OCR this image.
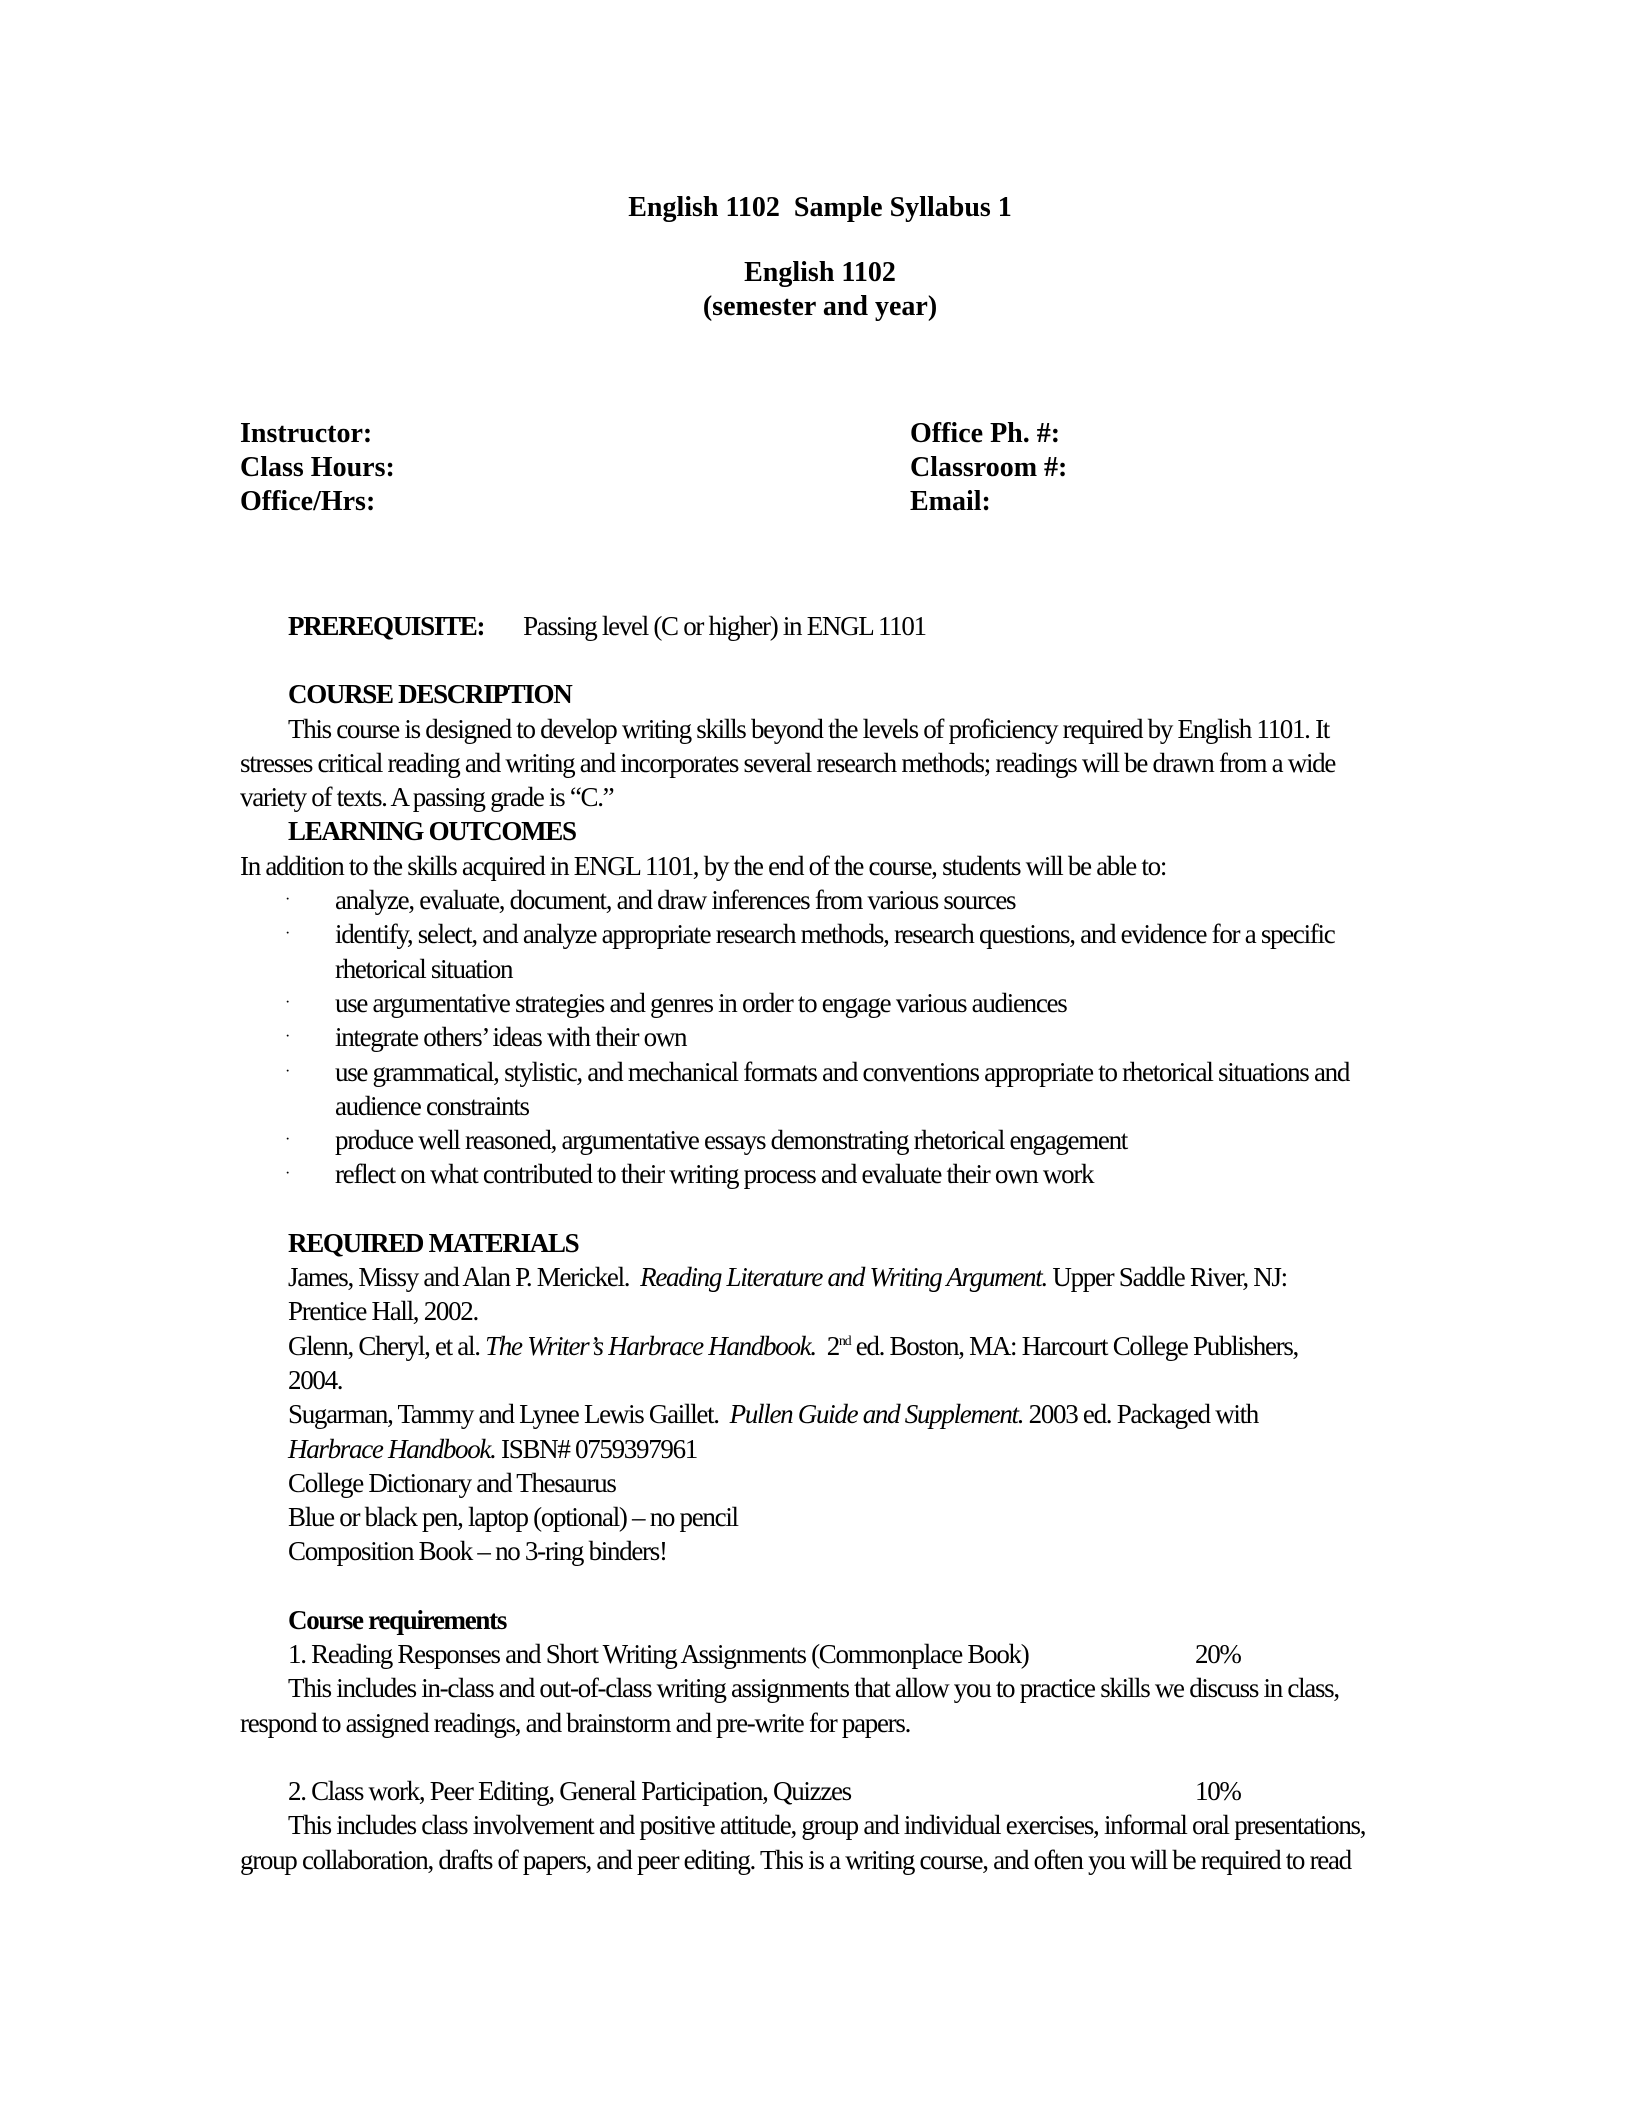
English 1102  Sample Syllabus 1
English 1102
(semester and year)
Instructor:
Class Hours:
Office/Hrs:
Office Ph. #:
Classroom #:
Email:
PREREQUISITE: Passing level (C or higher) in ENGL 1101
COURSE DESCRIPTION
This course is designed to develop writing skills beyond the levels of proficiency required by English 1101. It
stresses critical reading and writing and incorporates several research methods; readings will be drawn from a wide
variety of texts. A passing grade is “C.”
LEARNING OUTCOMES
In addition to the skills acquired in ENGL 1101, by the end of the course, students will be able to:
· analyze, evaluate, document, and draw inferences from various sources
· identify, select, and analyze appropriate research methods, research questions, and evidence for a specific rhetorical situation
· use argumentative strategies and genres in order to engage various audiences
· integrate others’ ideas with their own
· use grammatical, stylistic, and mechanical formats and conventions appropriate to rhetorical situations and audience constraints
· produce well reasoned, argumentative essays demonstrating rhetorical engagement
· reflect on what contributed to their writing process and evaluate their own work
REQUIRED MATERIALS
James, Missy and Alan P. Merickel. Reading Literature and Writing Argument. Upper Saddle River, NJ:
Prentice Hall, 2002.
Glenn, Cheryl, et al. The Writer’s Harbrace Handbook. 2nd ed. Boston, MA: Harcourt College Publishers,
2004.
Sugarman, Tammy and Lynee Lewis Gaillet. Pullen Guide and Supplement. 2003 ed. Packaged with
Harbrace Handbook. ISBN# 0759397961
College Dictionary and Thesaurus
Blue or black pen, laptop (optional) – no pencil
Composition Book – no 3-ring binders!
Course requirements
1. Reading Responses and Short Writing Assignments (Commonplace Book)	20%
This includes in-class and out-of-class writing assignments that allow you to practice skills we discuss in class,
respond to assigned readings, and brainstorm and pre-write for papers.
2. Class work, Peer Editing, General Participation, Quizzes	10%
This includes class involvement and positive attitude, group and individual exercises, informal oral presentations,
group collaboration, drafts of papers, and peer editing. This is a writing course, and often you will be required to read
